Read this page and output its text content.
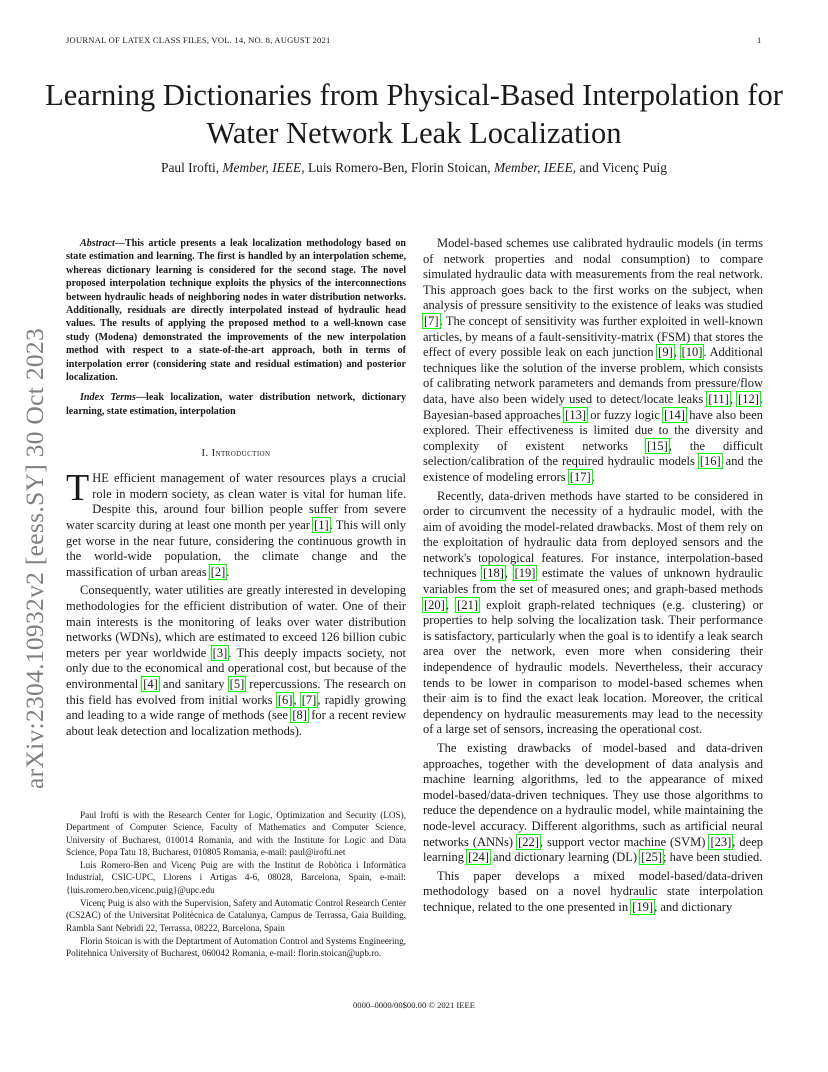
JOURNAL OF LATEX CLASS FILES, VOL. 14, NO. 8, AUGUST 2021	1
arXiv:2304.10932v2 [eess.SY] 30 Oct 2023
Learning Dictionaries from Physical-Based Interpolation for Water Network Leak Localization
Paul Irofti, Member, IEEE, Luis Romero-Ben, Florin Stoican, Member, IEEE, and Vicenç Puig

Abstract—This article presents a leak localization methodology based on state estimation and learning. The first is handled by an interpolation scheme, whereas dictionary learning is considered for the second stage. The novel proposed interpolation technique exploits the physics of the interconnections between hydraulic heads of neighboring nodes in water distribution networks. Additionally, residuals are directly interpolated instead of hydraulic head values. The results of applying the proposed method to a well-known case study (Modena) demonstrated the improvements of the new interpolation method with respect to a state-of-the-art approach, both in terms of interpolation error (considering state and residual estimation) and posterior localization.

Index Terms—leak localization, water distribution network, dictionary learning, state estimation, interpolation

I. Introduction

THE efficient management of water resources plays a crucial role in modern society, as clean water is vital for human life. Despite this, around four billion people suffer from severe water scarcity during at least one month per year [1]. This will only get worse in the near future, considering the continuous growth in the world-wide population, the climate change and the massification of urban areas [2].

Consequently, water utilities are greatly interested in developing methodologies for the efficient distribution of water. One of their main interests is the monitoring of leaks over water distribution networks (WDNs), which are estimated to exceed 126 billion cubic meters per year worldwide [3]. This deeply impacts society, not only due to the economical and operational cost, but because of the environmental [4] and sanitary [5] repercussions. The research on this field has evolved from initial works [6], [7], rapidly growing and leading to a wide range of methods (see [8] for a recent review about leak detection and localization methods).

Paul Irofti is with the Research Center for Logic, Optimization and Security (LOS), Department of Computer Science, Faculty of Mathematics and Computer Science, University of Bucharest, 010014 Romania, and with the Institute for Logic and Data Science, Popa Tatu 18, Bucharest, 010805 Romania, e-mail: paul@irofti.net

Luis Romero-Ben and Vicenç Puig are with the Institut de Robòtica i Informàtica Industrial, CSIC-UPC, Llorens i Artigas 4-6, 08028, Barcelona, Spain, e-mail: {luis.romero.ben,vicenc.puig}@upc.edu

Vicenç Puig is also with the Supervision, Safety and Automatic Control Research Center (CS2AC) of the Universitat Politècnica de Catalunya, Campus de Terrassa, Gaia Building, Rambla Sant Nebridi 22, Terrassa, 08222, Barcelona, Spain

Florin Stoican is with the Deptartment of Automation Control and Systems Engineering, Politehnica University of Bucharest, 060042 Romania, e-mail: florin.stoican@upb.ro.

Model-based schemes use calibrated hydraulic models (in terms of network properties and nodal consumption) to compare simulated hydraulic data with measurements from the real network. This approach goes back to the first works on the subject, when analysis of pressure sensitivity to the existence of leaks was studied [7]. The concept of sensitivity was further exploited in well-known articles, by means of a fault-sensitivity-matrix (FSM) that stores the effect of every possible leak on each junction [9], [10]. Additional techniques like the solution of the inverse problem, which consists of calibrating network parameters and demands from pressure/flow data, have also been widely used to detect/locate leaks [11], [12]. Bayesian-based approaches [13] or fuzzy logic [14] have also been explored. Their effectiveness is limited due to the diversity and complexity of existent networks [15], the difficult selection/calibration of the required hydraulic models [16] and the existence of modeling errors [17].

Recently, data-driven methods have started to be considered in order to circumvent the necessity of a hydraulic model, with the aim of avoiding the model-related drawbacks. Most of them rely on the exploitation of hydraulic data from deployed sensors and the network's topological features. For instance, interpolation-based techniques [18], [19] estimate the values of unknown hydraulic variables from the set of measured ones; and graph-based methods [20], [21] exploit graph-related techniques (e.g. clustering) or properties to help solving the localization task. Their performance is satisfactory, particularly when the goal is to identify a leak search area over the network, even more when considering their independence of hydraulic models. Nevertheless, their accuracy tends to be lower in comparison to model-based schemes when their aim is to find the exact leak location. Moreover, the critical dependency on hydraulic measurements may lead to the necessity of a large set of sensors, increasing the operational cost.

The existing drawbacks of model-based and data-driven approaches, together with the development of data analysis and machine learning algorithms, led to the appearance of mixed model-based/data-driven techniques. They use those algorithms to reduce the dependence on a hydraulic model, while maintaining the node-level accuracy. Different algorithms, such as artificial neural networks (ANNs) [22], support vector machine (SVM) [23], deep learning [24] and dictionary learning (DL) [25]; have been studied.

This paper develops a mixed model-based/data-driven methodology based on a novel hydraulic state interpolation technique, related to the one presented in [19], and dictionary

0000–0000/00$00.00 © 2021 IEEE
